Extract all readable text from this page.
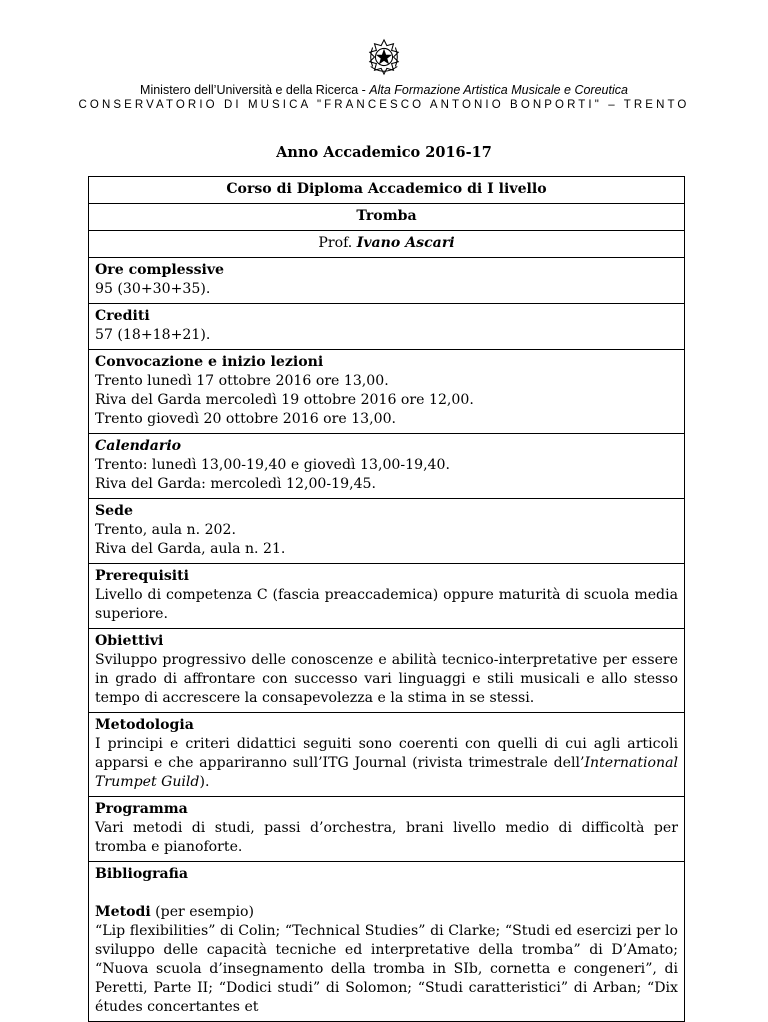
Ministero dell’Università e della Ricerca - Alta Formazione Artistica Musicale e Coreutica
CONSERVATORIO DI MUSICA "FRANCESCO ANTONIO BONPORTI" – TRENTO
Anno Accademico 2016-17
Corso di Diploma Accademico di I livello
Tromba
Prof. Ivano Ascari

Ore complessive
95 (30+30+35).

Crediti
57 (18+18+21).

Convocazione e inizio lezioni
Trento lunedì 17 ottobre 2016 ore 13,00.
Riva del Garda mercoledì 19 ottobre 2016 ore 12,00.
Trento giovedì 20 ottobre 2016 ore 13,00.

Calendario
Trento: lunedì 13,00-19,40 e giovedì 13,00-19,40.
Riva del Garda: mercoledì 12,00-19,45.

Sede
Trento, aula n. 202.
Riva del Garda, aula n. 21.

Prerequisiti
Livello di competenza C (fascia preaccademica) oppure maturità di scuola media superiore.

Obiettivi
Sviluppo progressivo delle conoscenze e abilità tecnico-interpretative per essere in grado di affrontare con successo vari linguaggi e stili musicali e allo stesso tempo di accrescere la consapevolezza e la stima in se stessi.

Metodologia
I principi e criteri didattici seguiti sono coerenti con quelli di cui agli articoli apparsi e che appariranno sull’ITG Journal (rivista trimestrale dell’International Trumpet Guild).

Programma
Vari metodi di studi, passi d’orchestra, brani livello medio di difficoltà per tromba e pianoforte.

Bibliografia
Metodi (per esempio)
“Lip flexibilities” di Colin; “Technical Studies” di Clarke; “Studi ed esercizi per lo sviluppo delle capacità tecniche ed interpretative della tromba” di D’Amato; “Nuova scuola d’insegnamento della tromba in SIb, cornetta e congeneri”, di Peretti, Parte II; “Dodici studi” di Solomon; “Studi caratteristici” di Arban; “Dix études concertantes et
